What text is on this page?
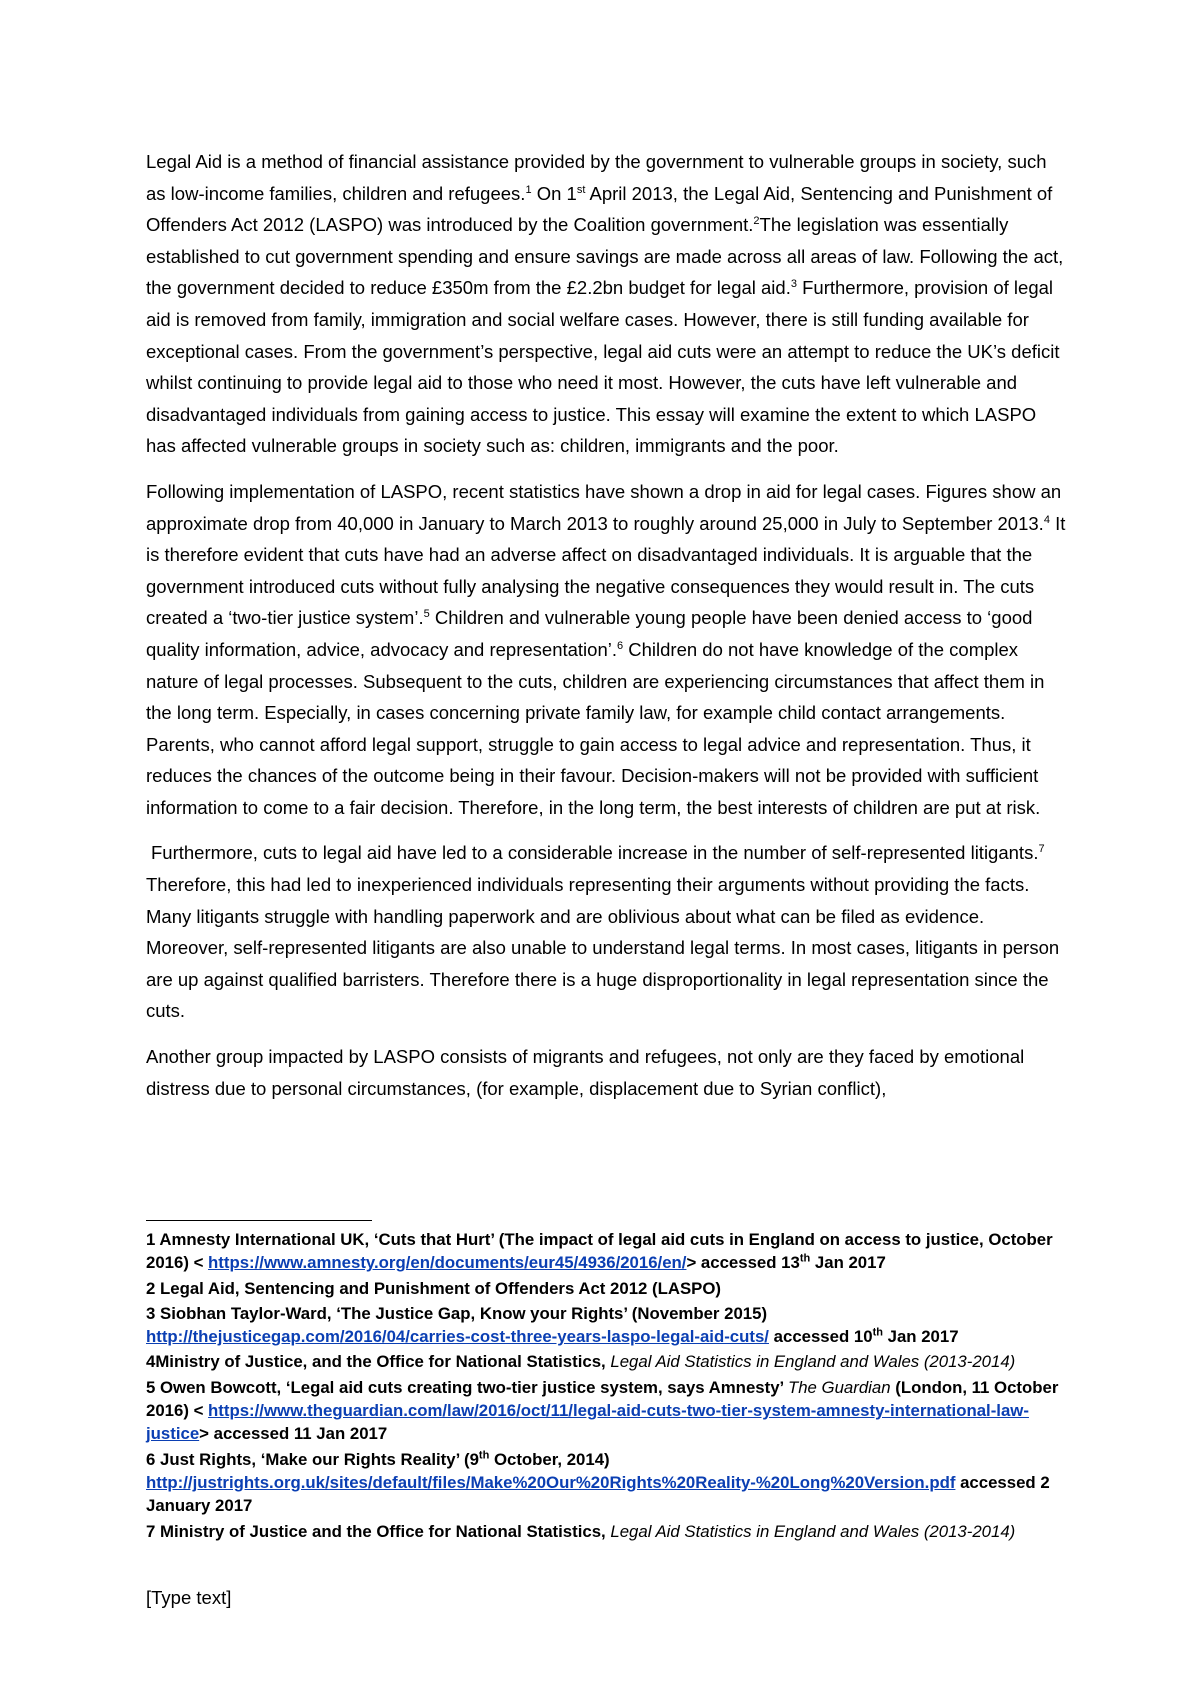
Legal Aid is a method of financial assistance provided by the government to vulnerable groups in society, such as low-income families, children and refugees.$^1$ On 1st April 2013, the Legal Aid, Sentencing and Punishment of Offenders Act 2012 (LASPO) was introduced by the Coalition government.$^2$The legislation was essentially established to cut government spending and ensure savings are made across all areas of law. Following the act, the government decided to reduce £350m from the £2.2bn budget for legal aid.$^3$ Furthermore, provision of legal aid is removed from family, immigration and social welfare cases. However, there is still funding available for exceptional cases. From the government’s perspective, legal aid cuts were an attempt to reduce the UK’s deficit whilst continuing to provide legal aid to those who need it most. However, the cuts have left vulnerable and disadvantaged individuals from gaining access to justice. This essay will examine the extent to which LASPO has affected vulnerable groups in society such as: children, immigrants and the poor.

Following implementation of LASPO, recent statistics have shown a drop in aid for legal cases. Figures show an approximate drop from 40,000 in January to March 2013 to roughly around 25,000 in July to September 2013.$^4$ It is therefore evident that cuts have had an adverse affect on disadvantaged individuals. It is arguable that the government introduced cuts without fully analysing the negative consequences they would result in. The cuts created a ‘two-tier justice system’.$^5$ Children and vulnerable young people have been denied access to ‘good quality information, advice, advocacy and representation’.$^6$ Children do not have knowledge of the complex nature of legal processes. Subsequent to the cuts, children are experiencing circumstances that affect them in the long term. Especially, in cases concerning private family law, for example child contact arrangements. Parents, who cannot afford legal support, struggle to gain access to legal advice and representation. Thus, it reduces the chances of the outcome being in their favour. Decision-makers will not be provided with sufficient information to come to a fair decision. Therefore, in the long term, the best interests of children are put at risk.

Furthermore, cuts to legal aid have led to a considerable increase in the number of self-represented litigants.$^7$ Therefore, this had led to inexperienced individuals representing their arguments without providing the facts. Many litigants struggle with handling paperwork and are oblivious about what can be filed as evidence. Moreover, self-represented litigants are also unable to understand legal terms. In most cases, litigants in person are up against qualified barristers. Therefore there is a huge disproportionality in legal representation since the cuts.

Another group impacted by LASPO consists of migrants and refugees, not only are they faced by emotional distress due to personal circumstances, (for example, displacement due to Syrian conflict),

1 Amnesty International UK, ‘Cuts that Hurt’ (The impact of legal aid cuts in England on access to justice, October 2016) < https://www.amnesty.org/en/documents/eur45/4936/2016/en/> accessed 13th Jan 2017
2 Legal Aid, Sentencing and Punishment of Offenders Act 2012 (LASPO)
3 Siobhan Taylor-Ward, ‘The Justice Gap, Know your Rights’ (November 2015) http://thejusticegap.com/2016/04/carries-cost-three-years-laspo-legal-aid-cuts/ accessed 10th Jan 2017
4Ministry of Justice, and the Office for National Statistics, Legal Aid Statistics in England and Wales (2013-2014)
5 Owen Bowcott, ‘Legal aid cuts creating two-tier justice system, says Amnesty’ The Guardian (London, 11 October 2016) < https://www.theguardian.com/law/2016/oct/11/legal-aid-cuts-two-tier-system-amnesty-international-law-justice> accessed 11 Jan 2017
6 Just Rights, ‘Make our Rights Reality’ (9th October, 2014) http://justrights.org.uk/sites/default/files/Make%20Our%20Rights%20Reality-%20Long%20Version.pdf accessed 2 January 2017
7 Ministry of Justice and the Office for National Statistics, Legal Aid Statistics in England and Wales (2013-2014)
[Type text]
